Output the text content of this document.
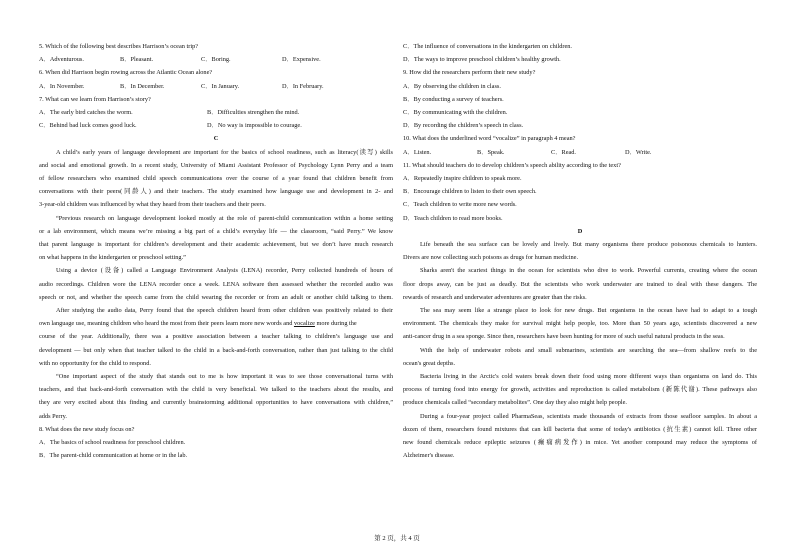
5. Which of the following best describes Harrison’s ocean trip?
A．Adventurous.	B．Pleasant.	C．Boring.	D．Expensive.
6. When did Harrison begin rowing across the Atlantic Ocean alone?
A．In November.	B．In December.	C．In January.	D．In February.
7. What can we learn from Harrison’s story?
A．The early bird catches the worm.	B．Difficulties strengthen the mind.
C．Behind bad luck comes good luck.	D．No way is impossible to courage.
C
A child’s early years of language development are important for the basics of school readiness, such as literacy(读写) skills
and social and emotional growth. In a recent study, University of Miami Assistant Professor of Psychology Lynn Perry and a team
of fellow researchers who examined child speech communications over the course of a year found that children benefit from
conversations with their peers(同龄人) and their teachers. The study examined how language use and development in 2- and
3-year-old children was influenced by what they heard from their teachers and their peers.
“Previous research on language development looked mostly at the role of parent-child communication within a home setting
or a lab environment, which means we’re missing a big part of a child’s everyday life — the classroom, “said Perry.” We know
that parent language is important for children’s development and their academic achievement, but we don’t have much research
on what happens in the kindergarten or preschool setting.”
Using a device (设备) called a Language Environment Analysis (LENA) recorder, Perry collected hundreds of hours of
audio recordings. Children wore the LENA recorder once a week. LENA software then assessed whether the recorded audio was
speech or not, and whether the speech came from the child wearing the recorder or from an adult or another child talking to them.
After studying the audio data, Perry found that the speech children heard from other children was positively related to their
own language use, meaning children who heard the most from their peers learn more new words and vocalize more during the
course of the year. Additionally, there was a positive association between a teacher talking to children’s language use and
development — but only when that teacher talked to the child in a back-and-forth conversation, rather than just talking to the child
with no opportunity for the child to respond.
“One important aspect of the study that stands out to me is how important it was to see those conversational turns with
teachers, and that back-and-forth conversation with the child is very beneficial. We talked to the teachers about the results, and
they are very excited about this finding and currently brainstorming additional opportunities to have conversations with children,”
adds Perry.
8. What does the new study focus on?
A．The basics of school readiness for preschool children.
B．The parent-child communication at home or in the lab.
C．The influence of conversations in the kindergarten on children.
D．The ways to improve preschool children’s healthy growth.
9. How did the researchers perform their new study?
A．By observing the children in class.
B．By conducting a survey of teachers.
C．By communicating with the children.
D．By recording the children’s speech in class.
10. What does the underlined word “vocalize” in paragraph 4 mean?
A．Listen.	B．Speak.	C．Read.	D．Write.
11. What should teachers do to develop children’s speech ability according to the text?
A．Repeatedly inspire children to speak more.
B．Encourage children to listen to their own speech.
C．Teach children to write more new words.
D．Teach children to read more books.
D
Life beneath the sea surface can be lovely and lively. But many organisms there produce poisonous chemicals to hunters.
Divers are now collecting such poisons as drugs for human medicine.
Sharks aren't the scariest things in the ocean for scientists who dive to work. Powerful currents, creating where the ocean
floor drops away, can be just as deadly. But the scientists who work underwater are trained to deal with these dangers. The
rewards of research and underwater adventures are greater than the risks.
The sea may seem like a strange place to look for new drugs. But organisms in the ocean have had to adapt to a tough
environment. The chemicals they make for survival might help people, too. More than 50 years ago, scientists discovered a new
anti-cancer drug in a sea sponge. Since then, researchers have been hunting for more of such useful natural products in the seas.
With the help of underwater robots and small submarines, scientists are searching the sea—from shallow reefs to the
ocean's great depths.
Bacteria living in the Arctic's cold waters break down their food using more different ways than organisms on land do. This
process of turning food into energy for growth, activities and reproduction is called metabolism (新陈代谢). These pathways also
produce chemicals called “secondary metabolites”. One day they also might help people.
During a four-year project called PharmaSeas, scientists made thousands of extracts from those seafloor samples. In about a
dozen of them, researchers found mixtures that can kill bacteria that some of today's antibiotics (抗生素) cannot kill. Three other
new found chemicals reduce epileptic seizures (癫痫病发作) in mice. Yet another compound may reduce the symptoms of
Alzheimer's disease.
第 2 页，共 4 页
